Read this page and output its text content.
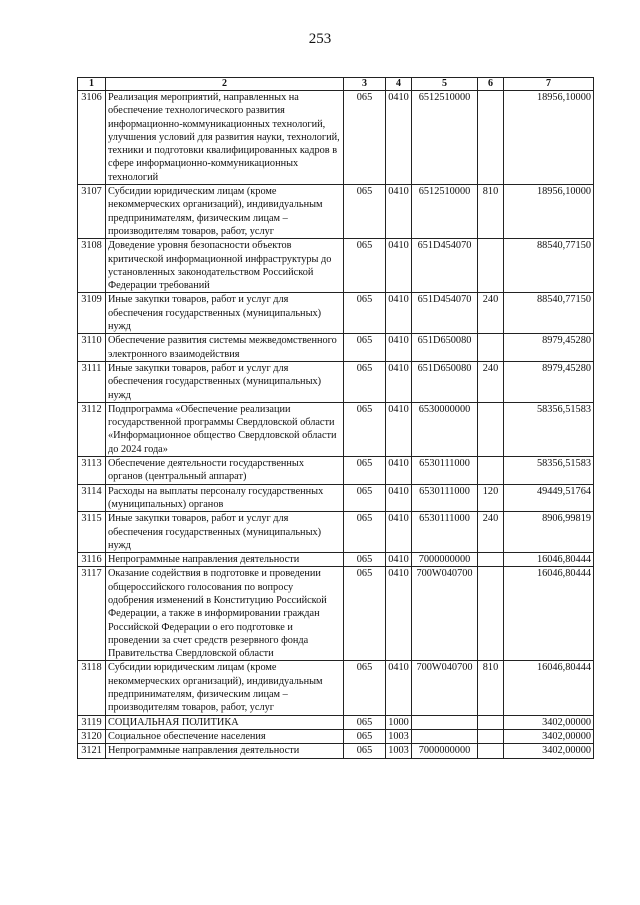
253
1	2	3	4	5	6	7
3106	Реализация мероприятий, направленных на обеспечение технологического развития информационно-коммуникационных технологий, улучшения условий для развития науки, технологий, техники и подготовки квалифицированных кадров в сфере информационно-коммуникационных технологий	065	0410	6512510000		18956,10000
3107	Субсидии юридическим лицам (кроме некоммерческих организаций), индивидуальным предпринимателям, физическим лицам – производителям товаров, работ, услуг	065	0410	6512510000	810	18956,10000
3108	Доведение уровня безопасности объектов критической информационной инфраструктуры до установленных законодательством Российской Федерации требований	065	0410	651D454070		88540,77150
3109	Иные закупки товаров, работ и услуг для обеспечения государственных (муниципальных) нужд	065	0410	651D454070	240	88540,77150
3110	Обеспечение развития системы межведомственного электронного взаимодействия	065	0410	651D650080		8979,45280
3111	Иные закупки товаров, работ и услуг для обеспечения государственных (муниципальных) нужд	065	0410	651D650080	240	8979,45280
3112	Подпрограмма «Обеспечение реализации государственной программы Свердловской области «Информационное общество Свердловской области до 2024 года»	065	0410	6530000000		58356,51583
3113	Обеспечение деятельности государственных органов (центральный аппарат)	065	0410	6530111000		58356,51583
3114	Расходы на выплаты персоналу государственных (муниципальных) органов	065	0410	6530111000	120	49449,51764
3115	Иные закупки товаров, работ и услуг для обеспечения государственных (муниципальных) нужд	065	0410	6530111000	240	8906,99819
3116	Непрограммные направления деятельности	065	0410	7000000000		16046,80444
3117	Оказание содействия в подготовке и проведении общероссийского голосования по вопросу одобрения изменений в Конституцию Российской Федерации, а также в информировании граждан Российской Федерации о его подготовке и проведении за счет средств резервного фонда Правительства Свердловской области	065	0410	700W040700		16046,80444
3118	Субсидии юридическим лицам (кроме некоммерческих организаций), индивидуальным предпринимателям, физическим лицам – производителям товаров, работ, услуг	065	0410	700W040700	810	16046,80444
3119	СОЦИАЛЬНАЯ ПОЛИТИКА	065	1000			3402,00000
3120	Социальное обеспечение населения	065	1003			3402,00000
3121	Непрограммные направления деятельности	065	1003	7000000000		3402,00000
